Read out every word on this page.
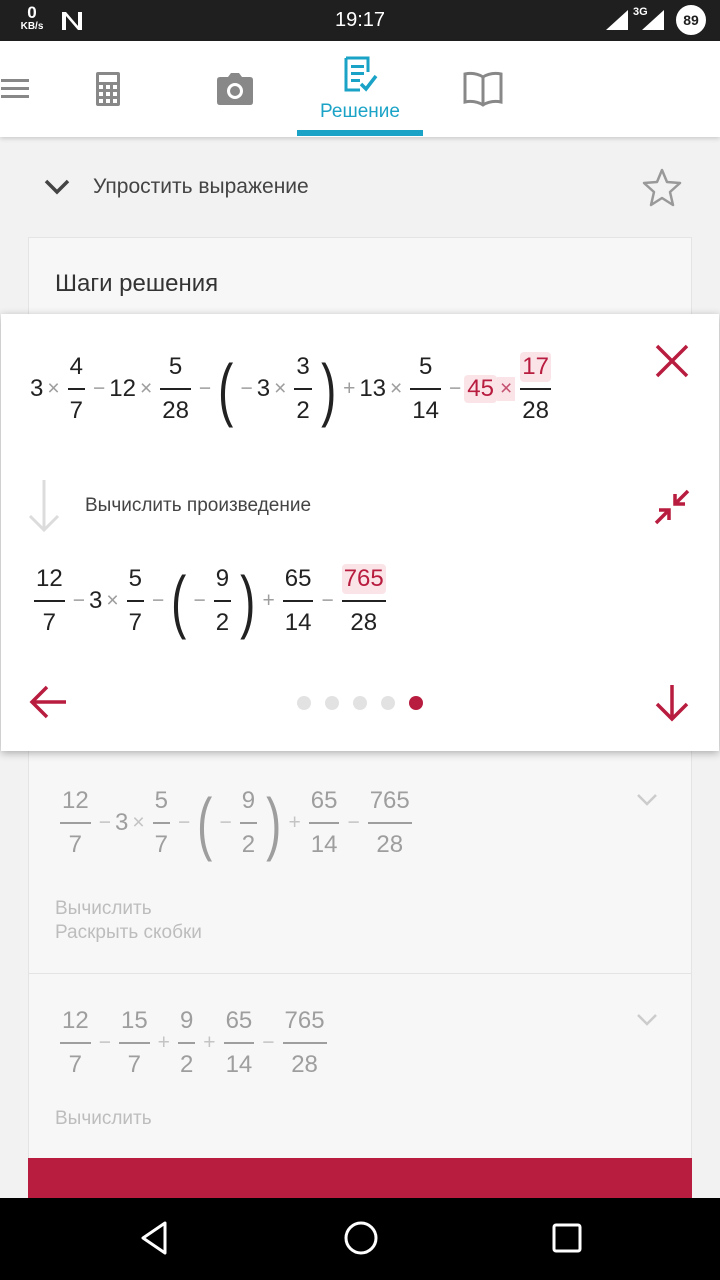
0
KB/s	19:17	3G	89
Решение
Упростить выражение
Шаги решения
$\frac{12}{7} - 3 \times \frac{5}{7}$ − ( − $\frac{9}{2}$ ) + $\frac{65}{14} - \frac{765}{28}$
Вычислить
Раскрыть скобки
$\frac{12}{7} - \frac{15}{7} + \frac{9}{2} + \frac{65}{14} - \frac{765}{28}$
Вычислить
$3 \times \frac{4}{7} - 12 \times \frac{5}{28}$ − ( − $3 \times \frac{3}{2}$ ) + $13 \times \frac{5}{14} - 45 \times \frac{17}{28}$
Вычислить произведение
$\frac{12}{7} - 3 \times \frac{5}{7}$ − ( − $\frac{9}{2}$ ) + $\frac{65}{14} - \frac{765}{28}$
